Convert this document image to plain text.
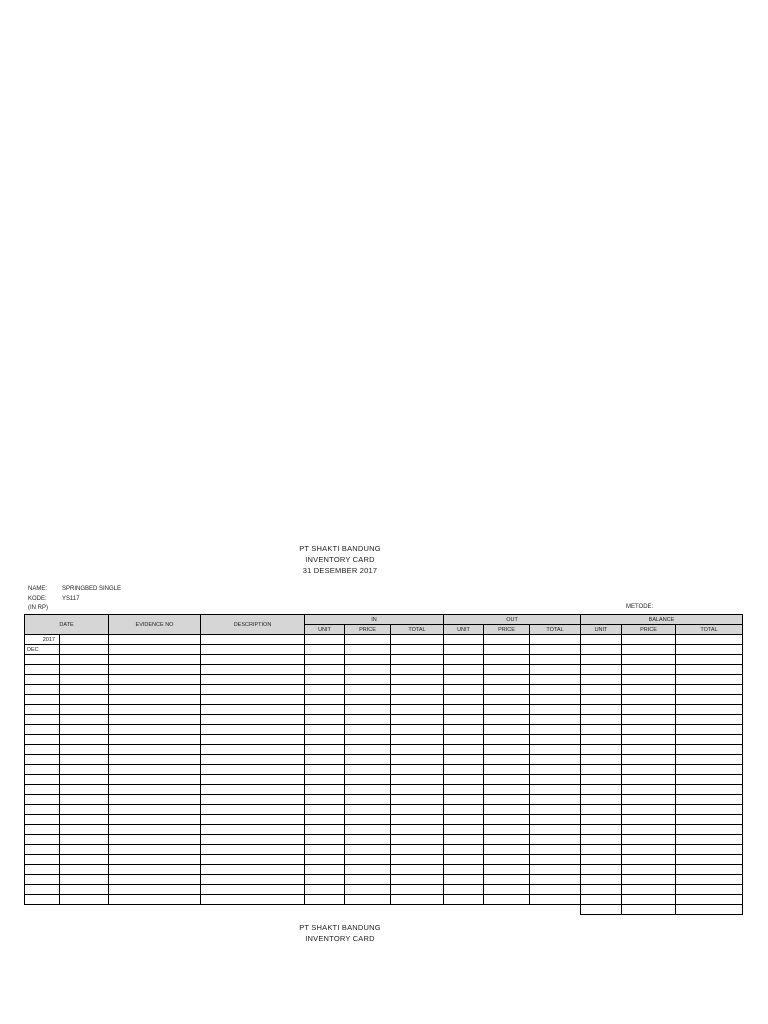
PT SHAKTI BANDUNG
INVENTORY CARD
31 DESEMBER 2017
NAME: SPRINGBED SINGLE
KODE:	YS117
(IN RP)	METODE:
DATE		EVIDENCE NO	DESCRIPTION	IN			OUT			BALANCE		
				UNIT	PRICE	TOTAL	UNIT	PRICE	TOTAL	UNIT	PRICE	TOTAL
2017												
DEC												

PT SHAKTI BANDUNG
INVENTORY CARD
